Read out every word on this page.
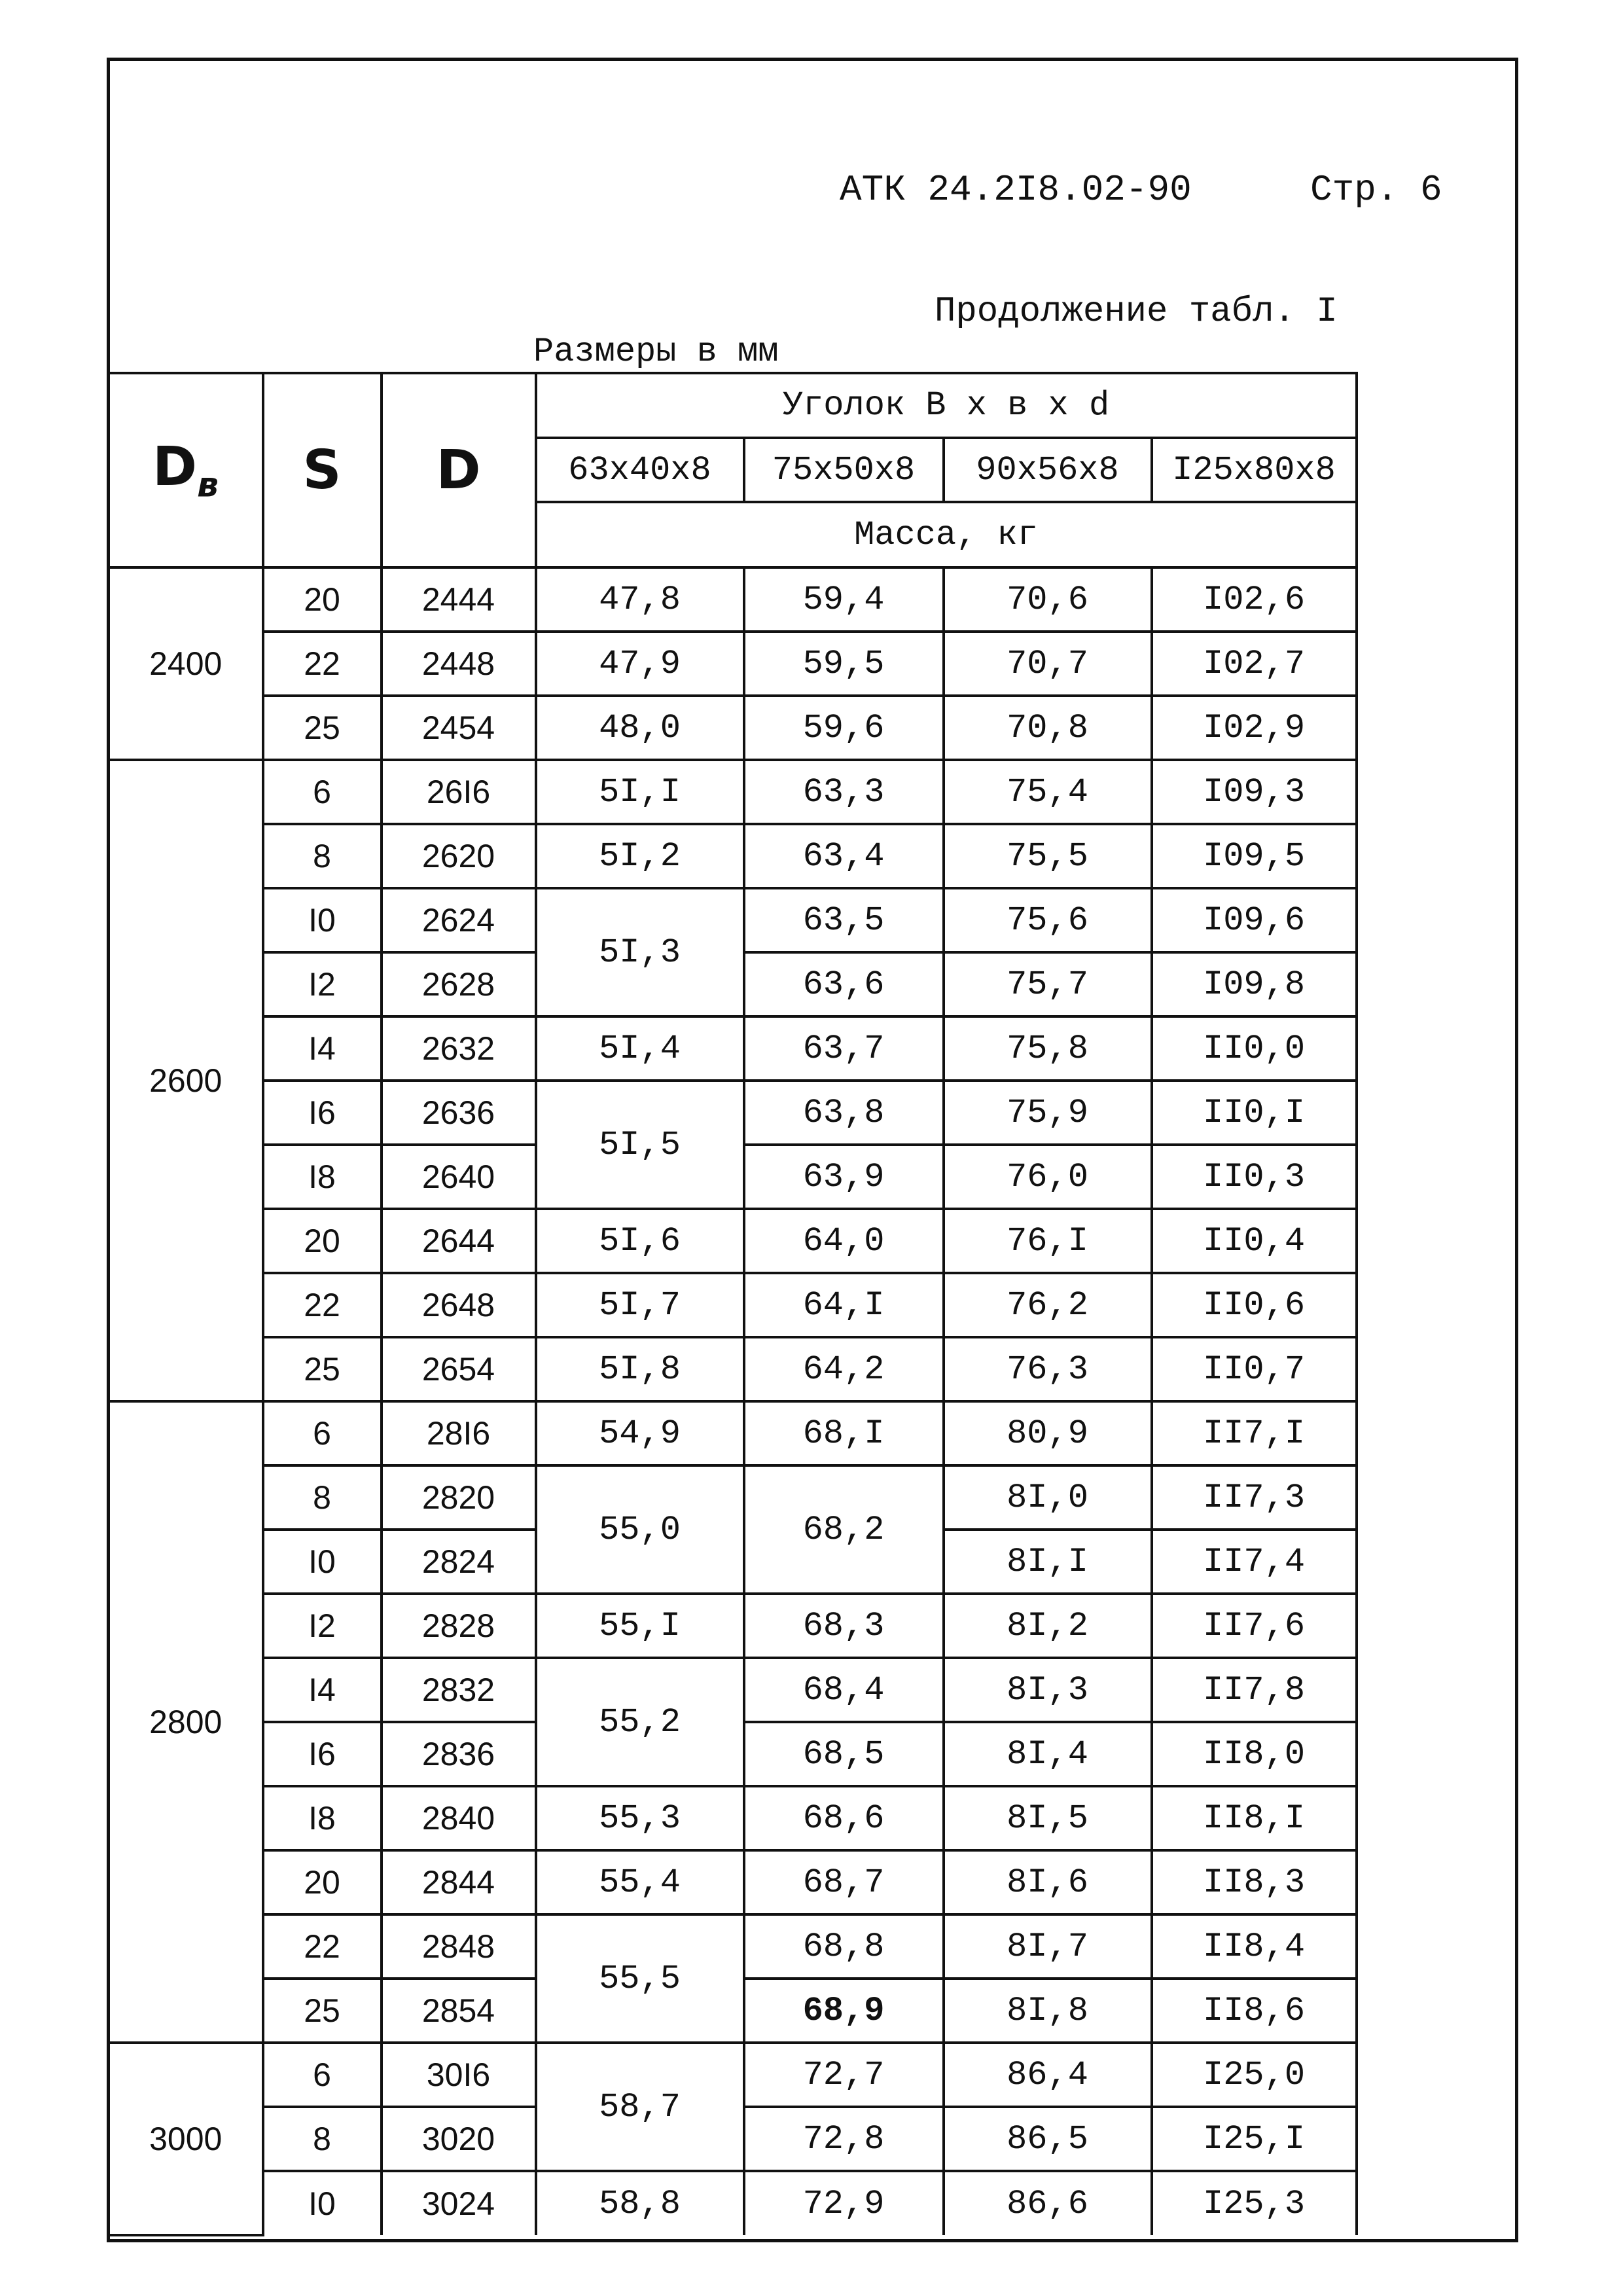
АТК 24.2I8.02-90	Стр. 6
Продолжение табл. I
Размеры в мм
$D_в$	S	D	Уголок B x в x d			
			63x40x8	75x50x8	90x56x8	I25x80x8
			Масса, кг			
2400	20	2444	47,8	59,4	70,6	I02,6
	22	2448	47,9	59,5	70,7	I02,7
	25	2454	48,0	59,6	70,8	I02,9
2600	6	26I6	5I,I	63,3	75,4	I09,3
	8	2620	5I,2	63,4	75,5	I09,5
	I0	2624	5I,3	63,5	75,6	I09,6
	I2	2628		63,6	75,7	I09,8
	I4	2632	5I,4	63,7	75,8	II0,0
	I6	2636	5I,5	63,8	75,9	II0,I
	I8	2640		63,9	76,0	II0,3
	20	2644	5I,6	64,0	76,I	II0,4
	22	2648	5I,7	64,I	76,2	II0,6
	25	2654	5I,8	64,2	76,3	II0,7
2800	6	28I6	54,9	68,I	80,9	II7,I
	8	2820	55,0	68,2	8I,0	II7,3
	I0	2824			8I,I	II7,4
	I2	2828	55,I	68,3	8I,2	II7,6
	I4	2832	55,2	68,4	8I,3	II7,8
	I6	2836		68,5	8I,4	II8,0
	I8	2840	55,3	68,6	8I,5	II8,I
	20	2844	55,4	68,7	8I,6	II8,3
	22	2848	55,5	68,8	8I,7	II8,4
	25	2854		68,9	8I,8	II8,6
3000	6	30I6	58,7	72,7	86,4	I25,0
	8	3020		72,8	86,5	I25,I
	I0	3024	58,8	72,9	86,6	I25,3
